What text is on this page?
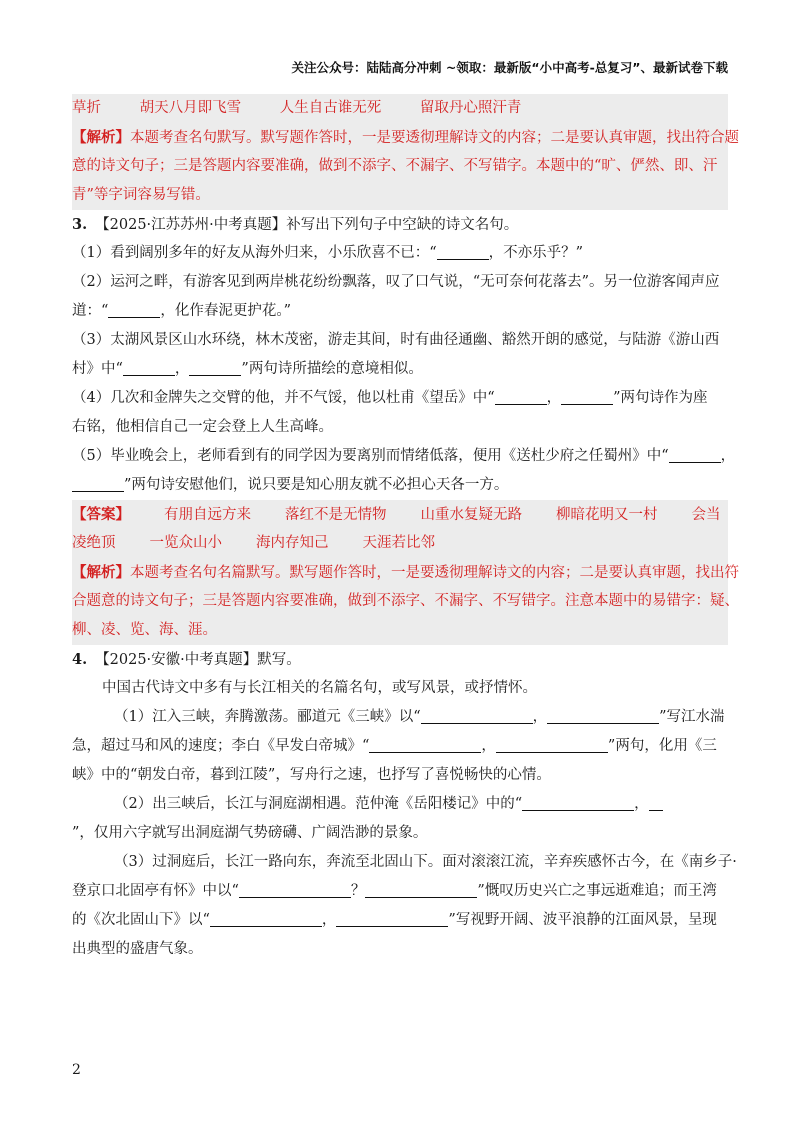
关注公众号：陆陆高分冲刺 ~领取：最新版“小中高考-总复习”、最新试卷下载
草折	胡天八月即飞雪	人生自古谁无死	留取丹心照汗青
【解析】本题考查名句默写。默写题作答时，一是要透彻理解诗文的内容；二是要认真审题，找出符合题
意的诗文句子；三是答题内容要准确，做到不添字、不漏字、不写错字。本题中的“旷、俨然、即、汗
青”等字词容易写错。
3. 【2025·江苏苏州·中考真题】补写出下列句子中空缺的诗文名句。
（1）看到阔别多年的好友从海外归来，小乐欣喜不已：“	，不亦乐乎？”
（2）运河之畔，有游客见到两岸桃花纷纷飘落，叹了口气说，“无可奈何花落去”。另一位游客闻声应
道：“	，化作春泥更护花。”
（3）太湖风景区山水环绕，林木茂密，游走其间，时有曲径通幽、豁然开朗的感觉，与陆游《游山西
村》中“	，	”两句诗所描绘的意境相似。
（4）几次和金牌失之交臂的他，并不气馁，他以杜甫《望岳》中“	，	”两句诗作为座
右铭，他相信自己一定会登上人生高峰。
（5）毕业晚会上，老师看到有的同学因为要离别而情绪低落，便用《送杜少府之任蜀州》中“	，
”两句诗安慰他们，说只要是知心朋友就不必担心天各一方。
【答案】 有朋自远方来 落红不是无情物 山重水复疑无路 柳暗花明又一村 会当
凌绝顶 一览众山小 海内存知己 天涯若比邻
【解析】本题考查名句名篇默写。默写题作答时，一是要透彻理解诗文的内容；二是要认真审题，找出符
合题意的诗文句子；三是答题内容要准确，做到不添字、不漏字、不写错字。注意本题中的易错字：疑、
柳、凌、览、海、涯。
4. 【2025·安徽·中考真题】默写。
中国古代诗文中多有与长江相关的名篇名句，或写风景，或抒情怀。
（1）江入三峡，奔腾激荡。郦道元《三峡》以“	，	”写江水湍
急，超过马和风的速度；李白《早发白帝城》“	，	”两句，化用《三
峡》中的“朝发白帝，暮到江陵”，写舟行之速，也抒写了喜悦畅快的心情。
（2）出三峡后，长江与洞庭湖相遇。范仲淹《岳阳楼记》中的“	，
”，仅用六字就写出洞庭湖气势磅礴、广阔浩渺的景象。
（3）过洞庭后，长江一路向东，奔流至北固山下。面对滚滚江流，辛弃疾感怀古今，在《南乡子·
登京口北固亭有怀》中以“	？	”慨叹历史兴亡之事远逝难追；而王湾
的《次北固山下》以“	，	”写视野开阔、波平浪静的江面风景，呈现
出典型的盛唐气象。
2
